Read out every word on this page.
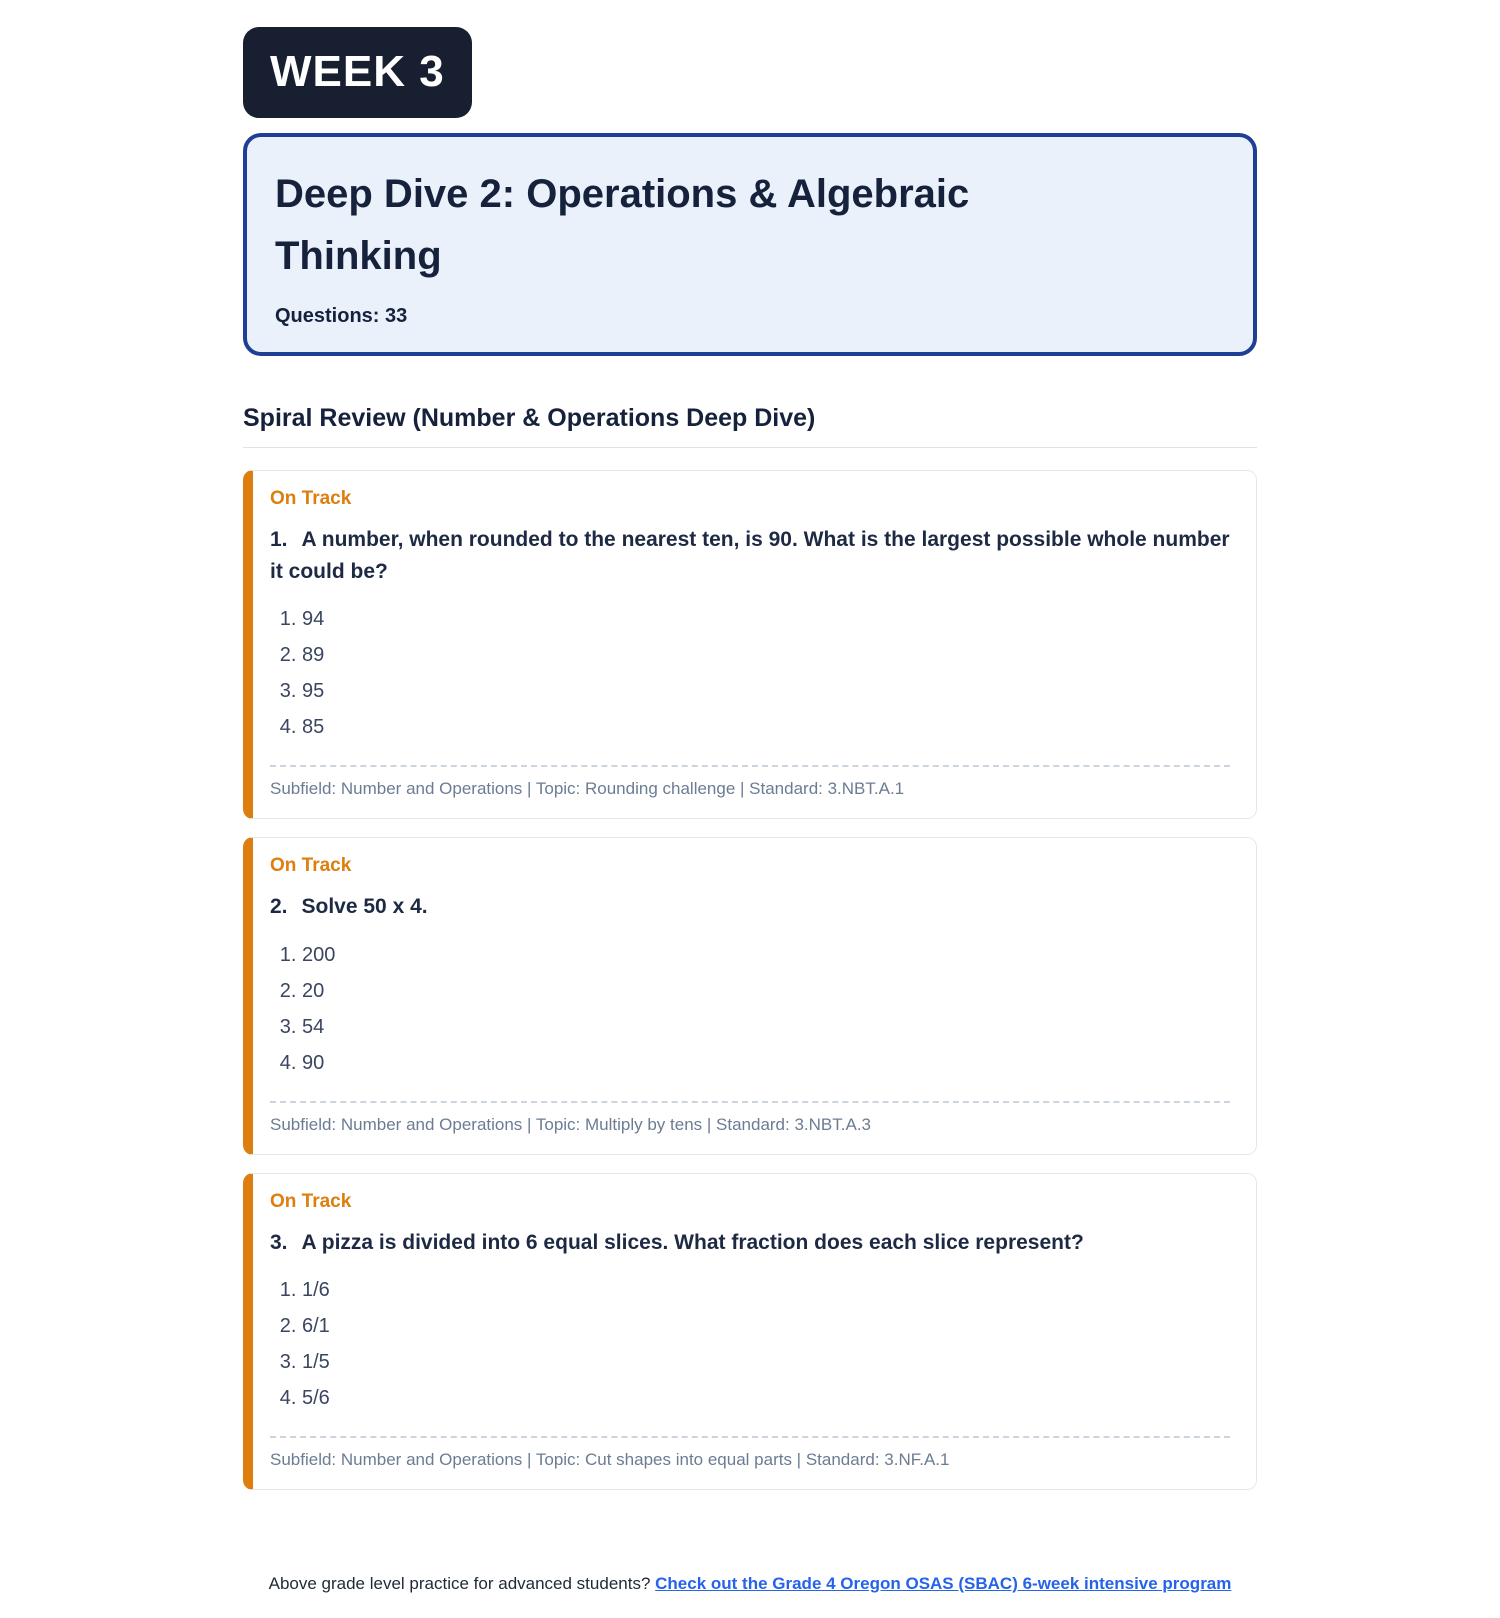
WEEK 3
Deep Dive 2: Operations & Algebraic Thinking
Questions: 33
Spiral Review (Number & Operations Deep Dive)
On Track
1. A number, when rounded to the nearest ten, is 90. What is the largest possible whole number it could be?
1. 94
2. 89
3. 95
4. 85
Subfield: Number and Operations | Topic: Rounding challenge | Standard: 3.NBT.A.1
On Track
2. Solve 50 x 4.
1. 200
2. 20
3. 54
4. 90
Subfield: Number and Operations | Topic: Multiply by tens | Standard: 3.NBT.A.3
On Track
3. A pizza is divided into 6 equal slices. What fraction does each slice represent?
1. 1/6
2. 6/1
3. 1/5
4. 5/6
Subfield: Number and Operations | Topic: Cut shapes into equal parts | Standard: 3.NF.A.1
Above grade level practice for advanced students? Check out the Grade 4 Oregon OSAS (SBAC) 6-week intensive program
